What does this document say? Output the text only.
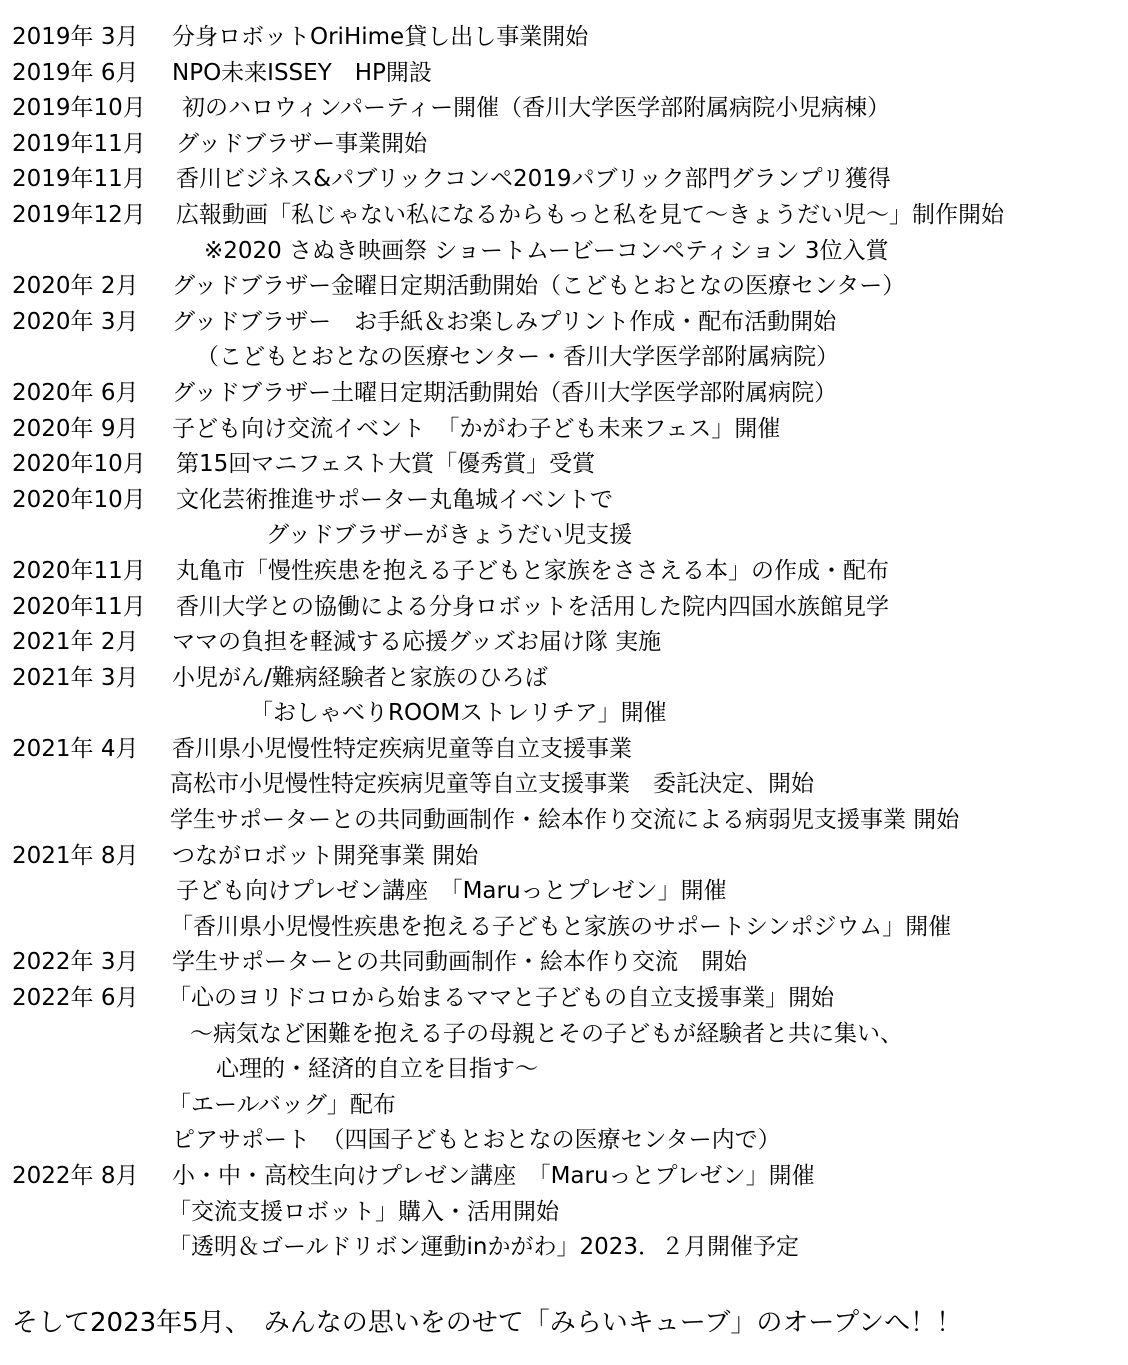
2019年 3月 分身ロボットOriHime貸し出し事業開始
2019年 6月 NPO未来ISSEY　HP開設
2019年10月 初のハロウィンパーティー開催（香川大学医学部附属病院小児病棟）
2019年11月 グッドブラザー事業開始
2019年11月 香川ビジネス&パブリックコンペ2019パブリック部門グランプリ獲得
2019年12月 広報動画「私じゃない私になるからもっと私を見て〜きょうだい児〜」制作開始
※2020 さぬき映画祭 ショートムービーコンペティション 3位入賞
2020年 2月 グッドブラザー金曜日定期活動開始（こどもとおとなの医療センター）
2020年 3月 グッドブラザー　お手紙＆お楽しみプリント作成・配布活動開始
（こどもとおとなの医療センター・香川大学医学部附属病院）
2020年 6月 グッドブラザー土曜日定期活動開始（香川大学医学部附属病院）
2020年 9月 子ども向け交流イベント　「かがわ子ども未来フェス」開催
2020年10月 第15回マニフェスト大賞「優秀賞」受賞
2020年10月 文化芸術推進サポーター丸亀城イベントで
グッドブラザーがきょうだい児支援
2020年11月 丸亀市「慢性疾患を抱える子どもと家族をささえる本」の作成・配布
2020年11月 香川大学との協働による分身ロボットを活用した院内四国水族館見学
2021年 2月 ママの負担を軽減する応援グッズお届け隊 実施
2021年 3月 小児がん/難病経験者と家族のひろば
「おしゃべりROOMストレリチア」開催
2021年 4月 香川県小児慢性特定疾病児童等自立支援事業
高松市小児慢性特定疾病児童等自立支援事業　委託決定、開始
学生サポーターとの共同動画制作・絵本作り交流による病弱児支援事業 開始
2021年 8月 つながロボット開発事業 開始
子ども向けプレゼン講座　「Maruっとプレゼン」開催
「香川県小児慢性疾患を抱える子どもと家族のサポートシンポジウム」開催
2022年 3月 学生サポーターとの共同動画制作・絵本作り交流　開始
2022年 6月 「心のヨリドコロから始まるママと子どもの自立支援事業」開始
〜病気など困難を抱える子の母親とその子どもが経験者と共に集い、
心理的・経済的自立を目指す〜
「エールバッグ」配布
ピアサポート　（四国子どもとおとなの医療センター内で）
2022年 8月 小・中・高校生向けプレゼン講座　「Maruっとプレゼン」開催
「交流支援ロボット」購入・活用開始
「透明＆ゴールドリボン運動inかがわ」2023．２月開催予定
そして2023年5月、　みんなの思いをのせて「みらいキューブ」のオープンへ！！
